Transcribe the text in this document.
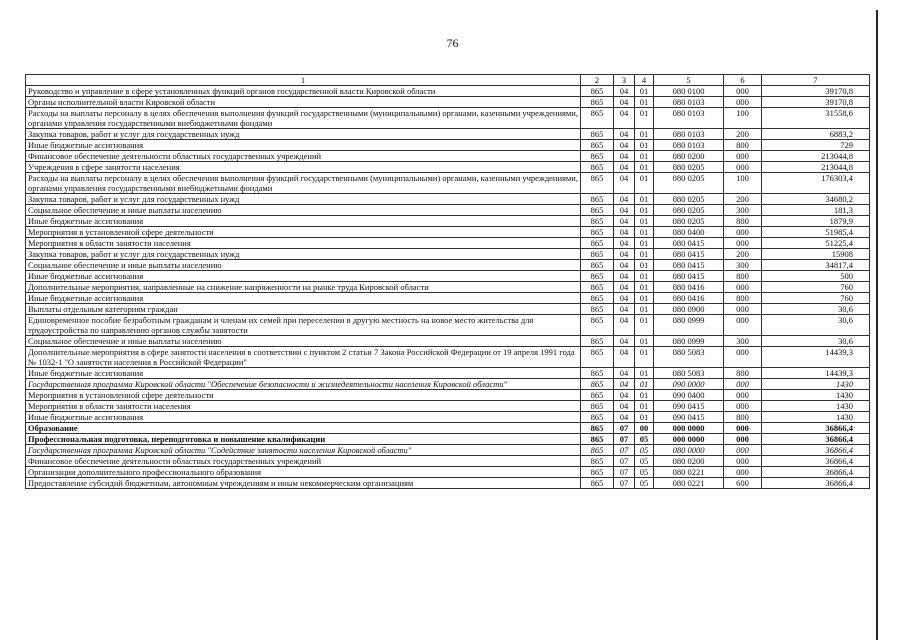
76
1	2	3	4	5	6	7
Руководство и управление в сфере установленных функций органов государственной власти Кировской области	865	04	01	080 0100	000	39170,8
Органы исполнительной власти Кировской области	865	04	01	080 0103	000	39170,8
Расходы на выплаты персоналу в целях обеспечения выполнения функций государственными (муниципальными) органами, казенными учреждениями, органами управления государственными внебюджетными фондами	865	04	01	080 0103	100	31558,6
Закупка товаров, работ и услуг для государственных нужд	865	04	01	080 0103	200	6883,2
Иные бюджетные ассигнования	865	04	01	080 0103	800	729
Финансовое обеспечение деятельности областных государственных учреждений	865	04	01	080 0200	000	213044,8
Учреждения в сфере занятости населения	865	04	01	080 0205	000	213044,8
Расходы на выплаты персоналу в целях обеспечения выполнения функций государственными (муниципальными) органами, казенными учреждениями, органами управления государственными внебюджетными фондами	865	04	01	080 0205	100	176303,4
Закупка товаров, работ и услуг для государственных нужд	865	04	01	080 0205	200	34680,2
Социальное обеспечение и иные выплаты населению	865	04	01	080 0205	300	181,3
Иные бюджетные ассигнования	865	04	01	080 0205	800	1879,9
Мероприятия в установленной сфере деятельности	865	04	01	080 0400	000	51985,4
Мероприятия в области занятости населения	865	04	01	080 0415	000	51225,4
Закупка товаров, работ и услуг для государственных нужд	865	04	01	080 0415	200	15908
Социальное обеспечение и иные выплаты населению	865	04	01	080 0415	300	34817,4
Иные бюджетные ассигнования	865	04	01	080 0415	800	500
Дополнительные мероприятия, направленные на снижение напряженности на рынке труда Кировской области	865	04	01	080 0416	000	760
Иные бюджетные ассигнования	865	04	01	080 0416	800	760
Выплаты отдельным категориям граждан	865	04	01	080 0900	000	30,6
Единовременное пособие безработным гражданам и членам их семей при переселении в другую местность на новое место жительства для трудоустройства по направлению органов службы занятости	865	04	01	080 0999	000	30,6
Социальное обеспечение и иные выплаты населению	865	04	01	080 0999	300	30,6
Дополнительные мероприятия в сфере занятости населения в соответствии с пунктом 2 статьи 7 Закона Российской Федерации от 19 апреля 1991 года № 1032-1 "О занятости населения в Российской Федерации"	865	04	01	080 5083	000	14439,3
Иные бюджетные ассигнования	865	04	01	080 5083	800	14439,3
Государственная программа Кировской области "Обеспечение безопасности и жизнедеятельности населения Кировской области"	865	04	01	090 0000	000	1430
Мероприятия в установленной сфере деятельности	865	04	01	090 0400	000	1430
Мероприятия в области занятости населения	865	04	01	090 0415	000	1430
Иные бюджетные ассигнования	865	04	01	090 0415	800	1430
Образование	865	07	00	000 0000	000	36866,4
Профессиональная подготовка, переподготовка и повышение квалификации	865	07	05	000 0000	000	36866,4
Государственная программа Кировской области "Содействие занятости населения Кировской области"	865	07	05	080 0000	000	36866,4
Финансовое обеспечение деятельности областных государственных учреждений	865	07	05	080 0200	000	36866,4
Организации дополнительного профессионального образования	865	07	05	080 0221	000	36866,4
Предоставление субсидий бюджетным, автономным учреждениям и иным некоммерческим организациям	865	07	05	080 0221	600	36866,4
